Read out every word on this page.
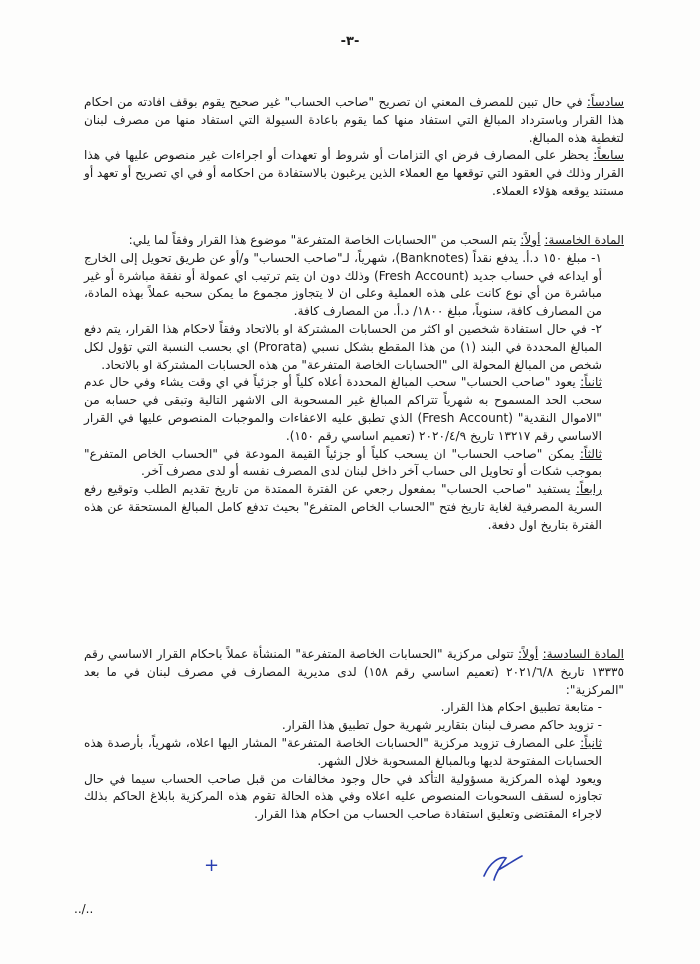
-٣-

سادساً: في حال تبين للمصرف المعني ان تصريح "صاحب الحساب" غير صحيح يقوم بوقف افادته من احكام هذا القرار وباسترداد المبالغ التي استفاد منها كما يقوم باعادة السيولة التي استفاد منها من مصرف لبنان لتغطية هذه المبالغ.

سابعاً: يحظر على المصارف فرض اي التزامات أو شروط أو تعهدات أو اجراءات غير منصوص عليها في هذا القرار وذلك في العقود التي توقعها مع العملاء الذين يرغبون بالاستفادة من احكامه أو في اي تصريح أو تعهد أو مستند يوقعه هؤلاء العملاء.

المادة الخامسة: أولاً: يتم السحب من "الحسابات الخاصة المتفرعة" موضوع هذا القرار وفقاً لما يلي:

١- مبلغ ١٥٠ د.أ. يدفع نقداً (Banknotes)، شهرياً، لـ"صاحب الحساب" و/أو عن طريق تحويل إلى الخارج أو ايداعه في حساب جديد (Fresh Account) وذلك دون ان يتم ترتيب اي عمولة أو نفقة مباشرة أو غير مباشرة من أي نوع كانت على هذه العملية وعلى ان لا يتجاوز مجموع ما يمكن سحبه عملاً بهذه المادة، من المصارف كافة، سنوياً، مبلغ ١٨٠٠/ د.أ. من المصارف كافة.

٢- في حال استفادة شخصين او اكثر من الحسابات المشتركة او بالاتحاد وفقاً لاحكام هذا القرار، يتم دفع المبالغ المحددة في البند (١) من هذا المقطع بشكل نسبي (Prorata) اي بحسب النسبة التي تؤول لكل شخص من المبالغ المحولة الى "الحسابات الخاصة المتفرعة" من هذه الحسابات المشتركة او بالاتحاد.

ثانياً: يعود "صاحب الحساب" سحب المبالغ المحددة أعلاه كلياً أو جزئياً في اي وقت يشاء وفي حال عدم سحب الحد المسموح به شهرياً تتراكم المبالغ غير المسحوبة الى الاشهر التالية وتبقى في حسابه من "الاموال النقدية" (Fresh Account) الذي تطبق عليه الاعفاءات والموجبات المنصوص عليها في القرار الاساسي رقم ١٣٢١٧ تاريخ ٢٠٢٠/٤/٩ (تعميم اساسي رقم ١٥٠).

ثالثاً: يمكن "صاحب الحساب" ان يسحب كلياً أو جزئياً القيمة المودعة في "الحساب الخاص المتفرع" بموجب شكات أو تحاويل الى حساب آخر داخل لبنان لدى المصرف نفسه أو لدى مصرف آخر.

رابعاً: يستفيد "صاحب الحساب" بمفعول رجعي عن الفترة الممتدة من تاريخ تقديم الطلب وتوقيع رفع السرية المصرفية لغاية تاريخ فتح "الحساب الخاص المتفرع" بحيث تدفع كامل المبالغ المستحقة عن هذه الفترة بتاريخ اول دفعة.

المادة السادسة: أولاً: تتولى مركزية "الحسابات الخاصة المتفرعة" المنشأة عملاً باحكام القرار الاساسي رقم ١٣٣٣٥ تاريخ ٢٠٢١/٦/٨ (تعميم اساسي رقم ١٥٨) لدى مديرية المصارف في مصرف لبنان في ما بعد "المركزية":

- متابعة تطبيق احكام هذا القرار.

- تزويد حاكم مصرف لبنان بتقارير شهرية حول تطبيق هذا القرار.

ثانياً: على المصارف تزويد مركزية "الحسابات الخاصة المتفرعة" المشار اليها اعلاه، شهرياً، بأرصدة هذه الحسابات المفتوحة لديها وبالمبالغ المسحوبة خلال الشهر.

ويعود لهذه المركزية مسؤولية التأكد في حال وجود مخالفات من قبل صاحب الحساب سيما في حال تجاوزه لسقف السحوبات المنصوص عليه اعلاه وفي هذه الحالة تقوم هذه المركزية بابلاغ الحاكم بذلك لاجراء المقتضى وتعليق استفادة صاحب الحساب من احكام هذا القرار.

+
../..
